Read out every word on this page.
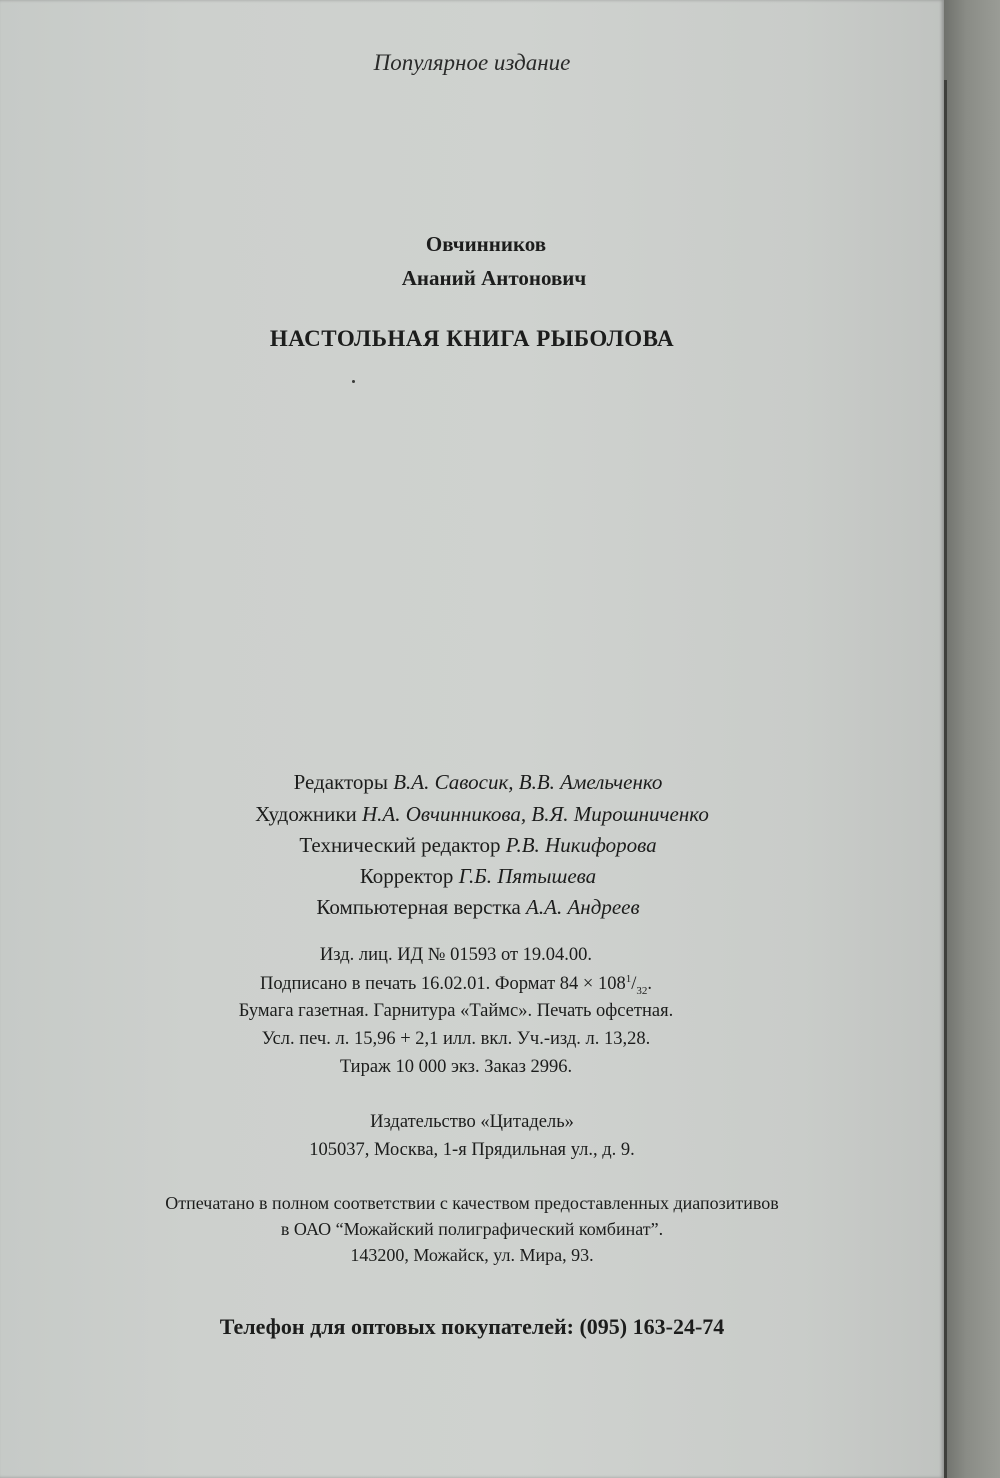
Популярное издание
Овчинников
Ананий Антонович
НАСТОЛЬНАЯ КНИГА РЫБОЛОВА
Редакторы В.А. Савосик, В.В. Амельченко
Художники Н.А. Овчинникова, В.Я. Мирошниченко
Технический редактор Р.В. Никифорова
Корректор Г.Б. Пятышева
Компьютерная верстка А.А. Андреев
Изд. лиц. ИД № 01593 от 19.04.00.
Подписано в печать 16.02.01. Формат $84 \times 108^1/_{32}$.
Бумага газетная. Гарнитура «Таймс». Печать офсетная.
Усл. печ. л. 15,96 + 2,1 илл. вкл. Уч.-изд. л. 13,28.
Тираж 10 000 экз. Заказ 2996.
Издательство «Цитадель»
105037, Москва, 1-я Прядильная ул., д. 9.
Отпечатано в полном соответствии с качеством предоставленных диапозитивов
в ОАО “Можайский полиграфический комбинат”.
143200, Можайск, ул. Мира, 93.
Телефон для оптовых покупателей: (095) 163-24-74
